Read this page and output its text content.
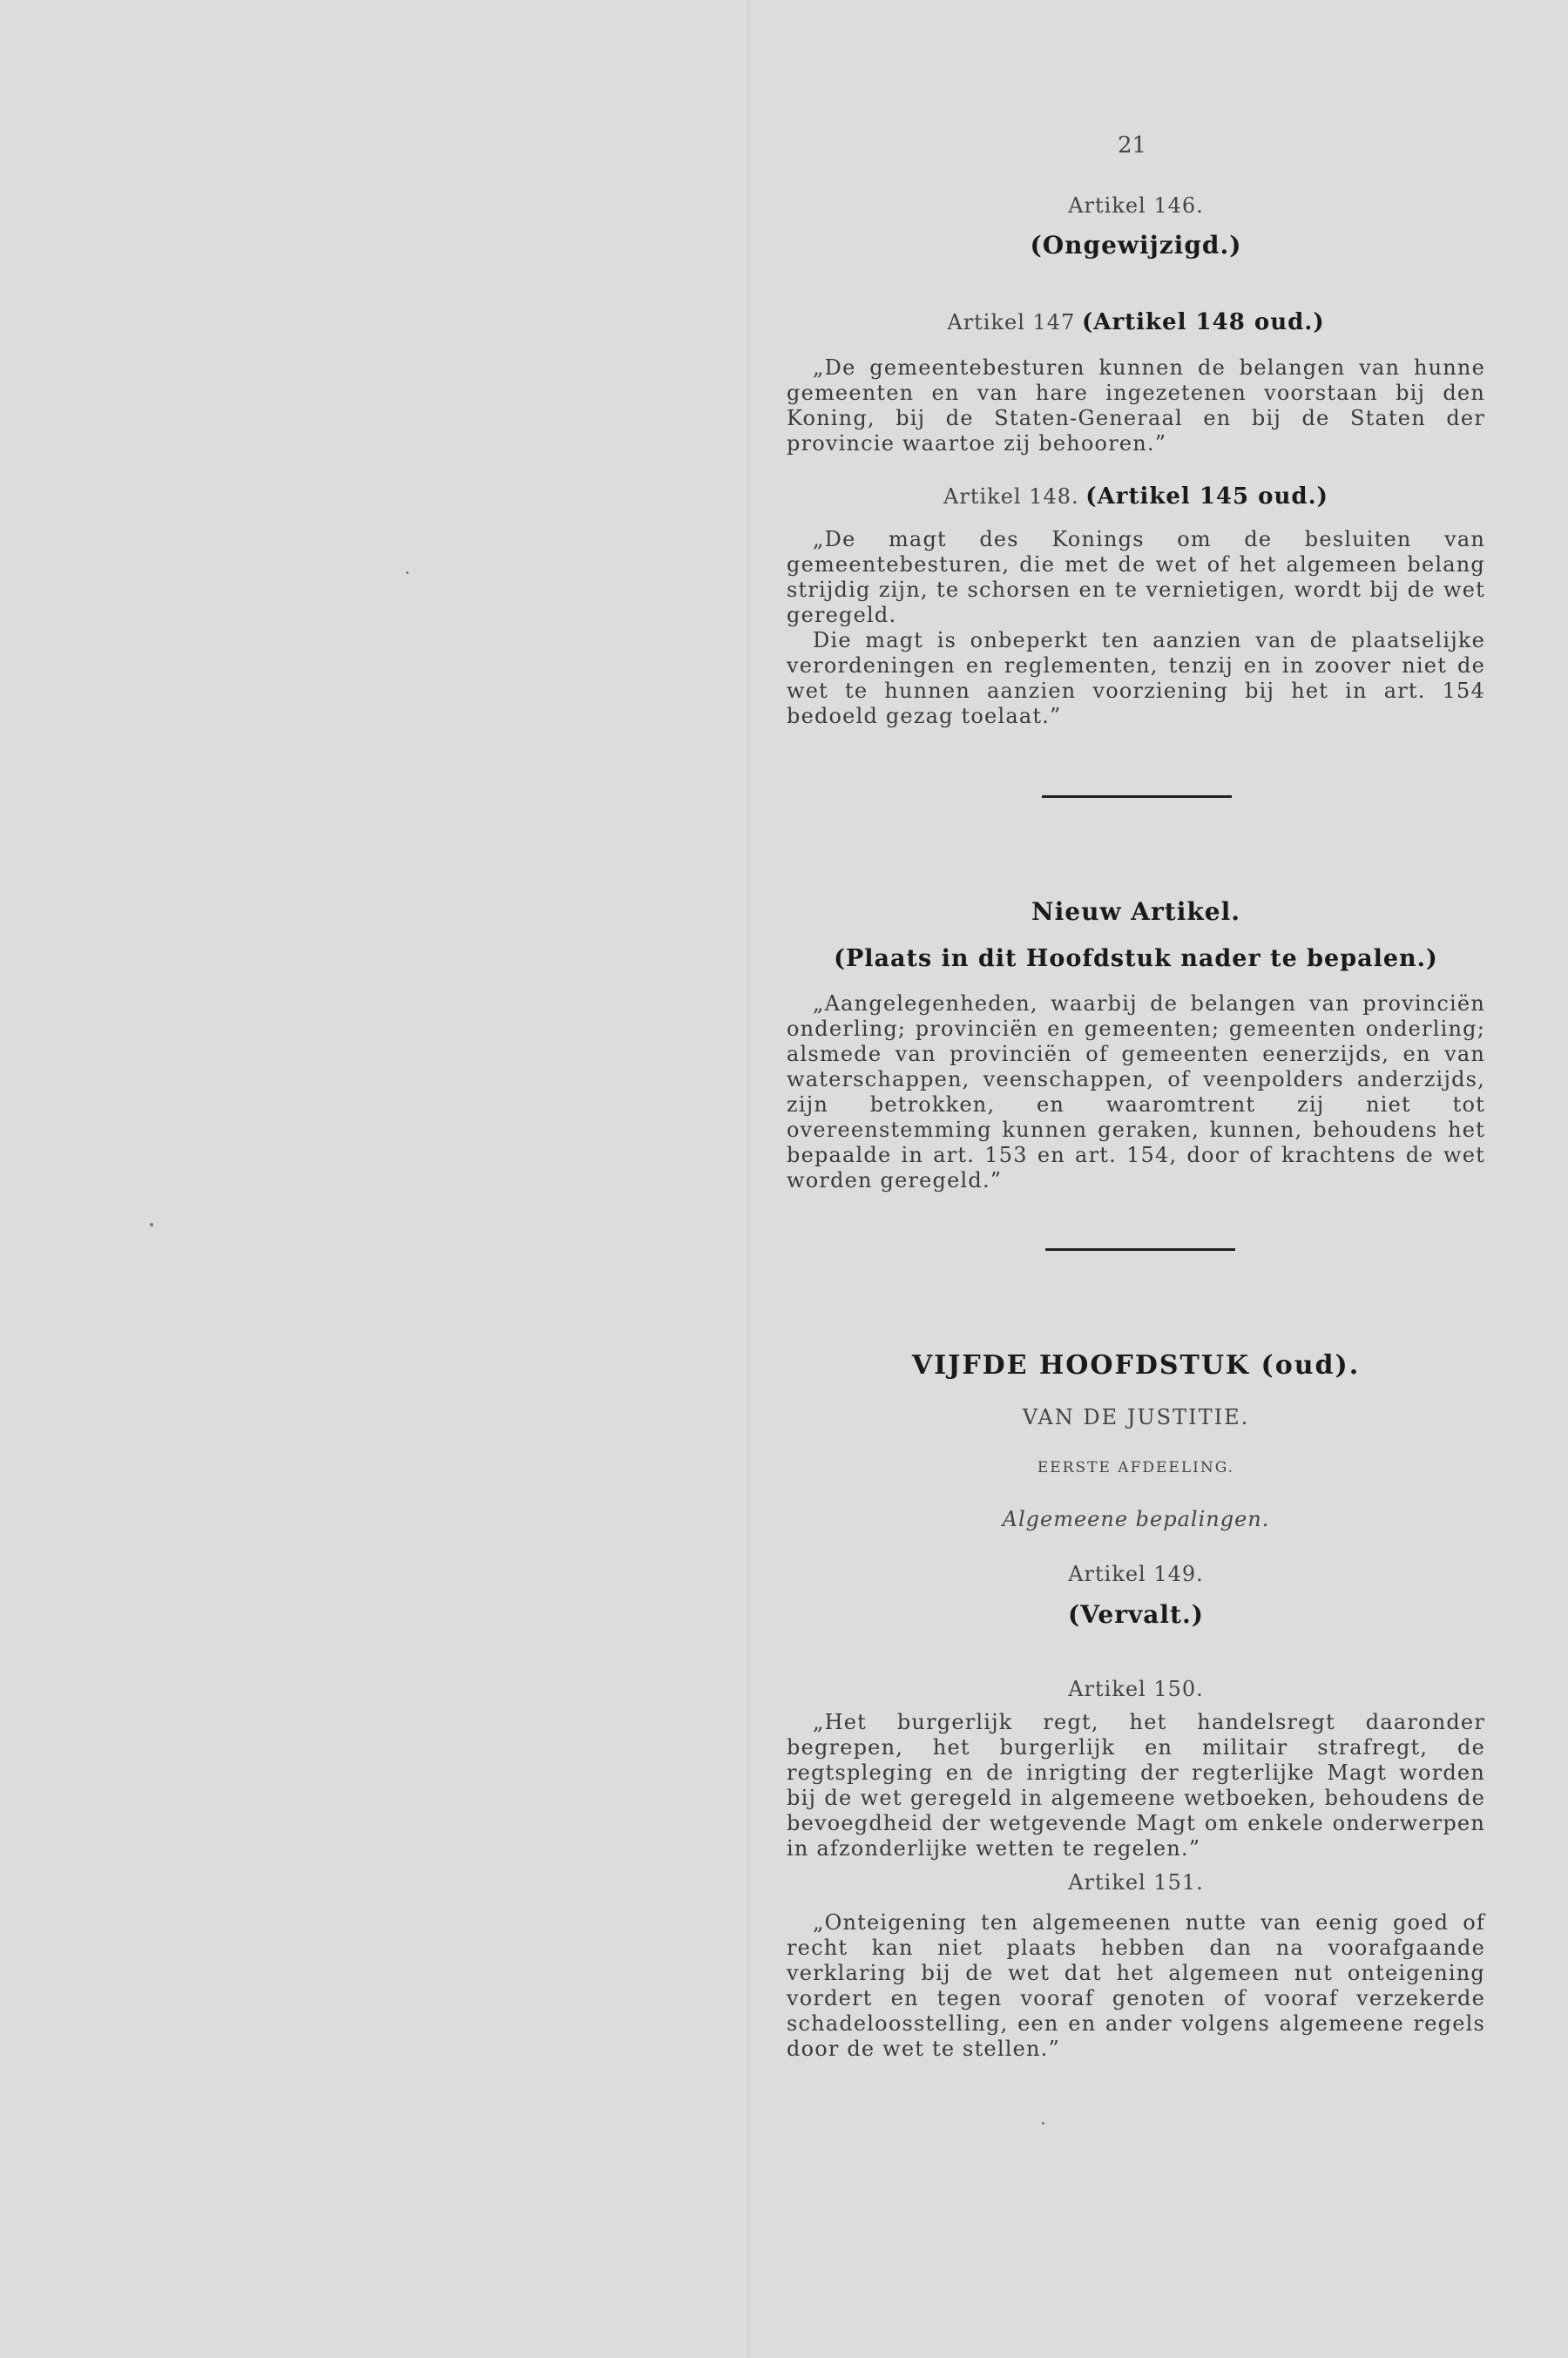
21
Artikel 146.
(Ongewijzigd.)
Artikel 147 (Artikel 148 oud.)

„De gemeentebesturen kunnen de belangen van hunne gemeenten en van hare ingezetenen voorstaan bij den Koning, bij de Staten-Generaal en bij de Staten der provincie waartoe zij behooren.”

Artikel 148. (Artikel 145 oud.)

„De magt des Konings om de besluiten van gemeentebesturen, die met de wet of het algemeen belang strijdig zijn, te schorsen en te vernietigen, wordt bij de wet geregeld.

Die magt is onbeperkt ten aanzien van de plaatselijke verordeningen en reglementen, tenzij en in zoover niet de wet te hunnen aanzien voorziening bij het in art. 154 bedoeld gezag toelaat.”

Nieuw Artikel.
(Plaats in dit Hoofdstuk nader te bepalen.)

„Aangelegenheden, waarbij de belangen van provinciën onderling; provinciën en gemeenten; gemeenten onderling; alsmede van provinciën of gemeenten eenerzijds, en van waterschappen, veenschappen, of veenpolders anderzijds, zijn betrokken, en waaromtrent zij niet tot overeenstemming kunnen geraken, kunnen, behoudens het bepaalde in art. 153 en art. 154, door of krachtens de wet worden geregeld.”

VIJFDE HOOFDSTUK (oud).
VAN DE JUSTITIE.
EERSTE AFDEELING.
Algemeene bepalingen.
Artikel 149.
(Vervalt.)
Artikel 150.

„Het burgerlijk regt, het handelsregt daaronder begrepen, het burgerlijk en militair strafregt, de regtspleging en de inrigting der regterlijke Magt worden bij de wet geregeld in algemeene wetboeken, behoudens de bevoegdheid der wetgevende Magt om enkele onderwerpen in afzonderlijke wetten te regelen.”

Artikel 151.

„Onteigening ten algemeenen nutte van eenig goed of recht kan niet plaats hebben dan na voorafgaande verklaring bij de wet dat het algemeen nut onteigening vordert en tegen vooraf genoten of vooraf verzekerde schadeloosstelling, een en ander volgens algemeene regels door de wet te stellen.”
